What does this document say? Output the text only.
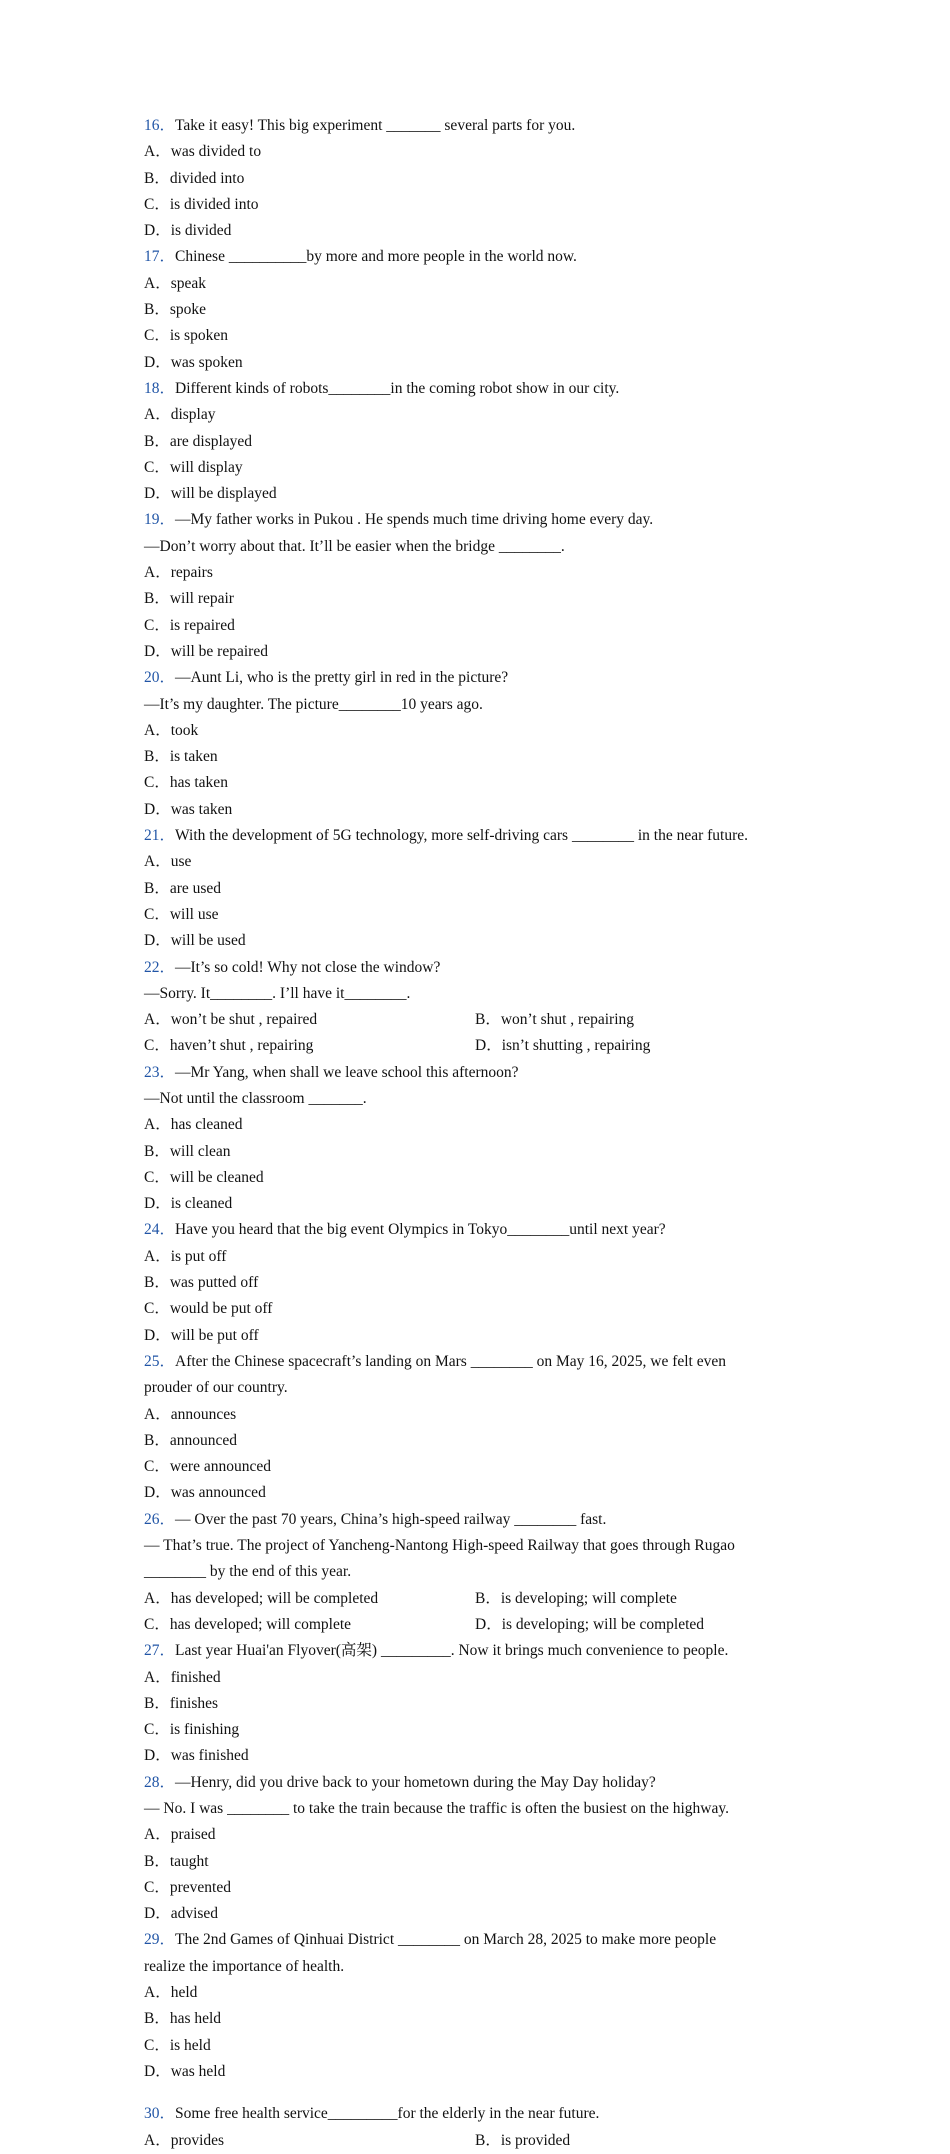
16．Take it easy! This big experiment _______ several parts for you.
A．was divided to
B．divided into
C．is divided into
D．is divided
17．Chinese __________by more and more people in the world now.
A．speak
B．spoke
C．is spoken
D．was spoken
18．Different kinds of robots________in the coming robot show in our city.
A．display
B．are displayed
C．will display
D．will be displayed
19．—My father works in Pukou . He spends much time driving home every day.
—Don’t worry about that. It’ll be easier when the bridge ________.
A．repairs
B．will repair
C．is repaired
D．will be repaired
20．—Aunt Li, who is the pretty girl in red in the picture?
—It’s my daughter. The picture________10 years ago.
A．took
B．is taken
C．has taken
D．was taken
21．With the development of 5G technology, more self-driving cars ________ in the near future.
A．use
B．are used
C．will use
D．will be used
22．—It’s so cold! Why not close the window?
—Sorry. It________. I’ll have it________.
A．won’t be shut , repaired	B．won’t shut , repairing
C．haven’t shut , repairing	D．isn’t shutting , repairing
23．—Mr Yang, when shall we leave school this afternoon?
—Not until the classroom _______.
A．has cleaned
B．will clean
C．will be cleaned
D．is cleaned
24．Have you heard that the big event Olympics in Tokyo________until next year?
A．is put off
B．was putted off
C．would be put off
D．will be put off
25．After the Chinese spacecraft’s landing on Mars ________ on May 16, 2025, we felt even
prouder of our country.
A．announces
B．announced
C．were announced
D．was announced
26．— Over the past 70 years, China’s high-speed railway ________ fast.
— That’s true. The project of Yancheng-Nantong High-speed Railway that goes through Rugao
________ by the end of this year.
A．has developed; will be completed	B．is developing; will complete
C．has developed; will complete	D．is developing; will be completed
27．Last year Huai'an Flyover(高架) _________. Now it brings much convenience to people.
A．finished
B．finishes
C．is finishing
D．was finished
28．—Henry, did you drive back to your hometown during the May Day holiday?
— No. I was ________ to take the train because the traffic is often the busiest on the highway.
A．praised
B．taught
C．prevented
D．advised
29．The 2nd Games of Qinhuai District ________ on March 28, 2025 to make more people
realize the importance of health.
A．held
B．has held
C．is held
D．was held
30．Some free health service_________for the elderly in the near future.
A．provides	B．is provided
